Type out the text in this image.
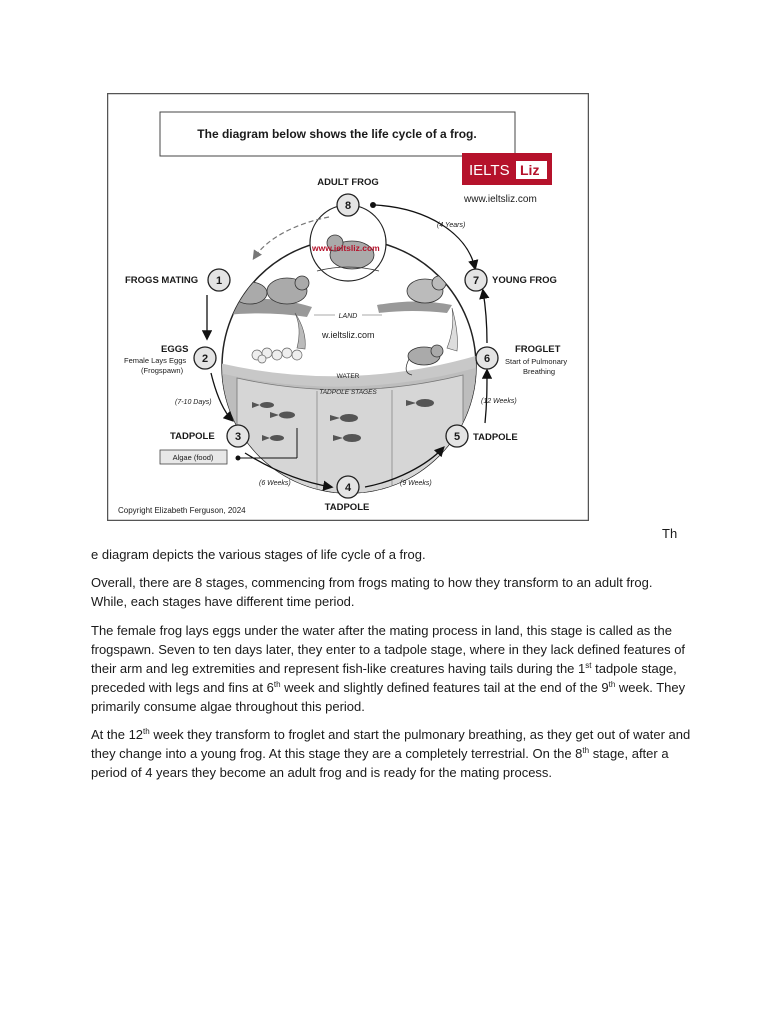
The diagram below shows the life cycle of a frog.
IELTS Liz
www.ieltsliz.com
LAND
w.ieltsliz.com
WATER
TADPOLE STAGES
www.ieltsliz.com
8
1
2
3
4
5
6
7
ADULT FROG
FROGS MATING
EGGS
Female Lays Eggs
(Frogspawn)
TADPOLE
TADPOLE
TADPOLE
FROGLET
Start of Pulmonary
Breathing
YOUNG FROG
(4 Years)
(7-10 Days)
(6 Weeks)	(9 Weeks)
(12 Weeks)
Algae (food)
Copyright Elizabeth Ferguson, 2024
Th

e diagram depicts the various stages of life cycle of a frog.

Overall, there are 8 stages, commencing from frogs mating to how they transform to an adult frog. While, each stages have different time period.

The female frog lays eggs under the water after the mating process in land, this stage is called as the frogspawn. Seven to ten days later, they enter to a tadpole stage, where in they lack defined features of their arm and leg extremities and represent fish-like creatures having tails during the 1st tadpole stage, preceded with legs and fins at 6th week and slightly defined features tail at the end of the 9th week. They primarily consume algae throughout this period.

At the 12th week they transform to froglet and start the pulmonary breathing, as they get out of water and they change into a young frog. At this stage they are a completely terrestrial. On the 8th stage, after a period of 4 years they become an adult frog and is ready for the mating process.
